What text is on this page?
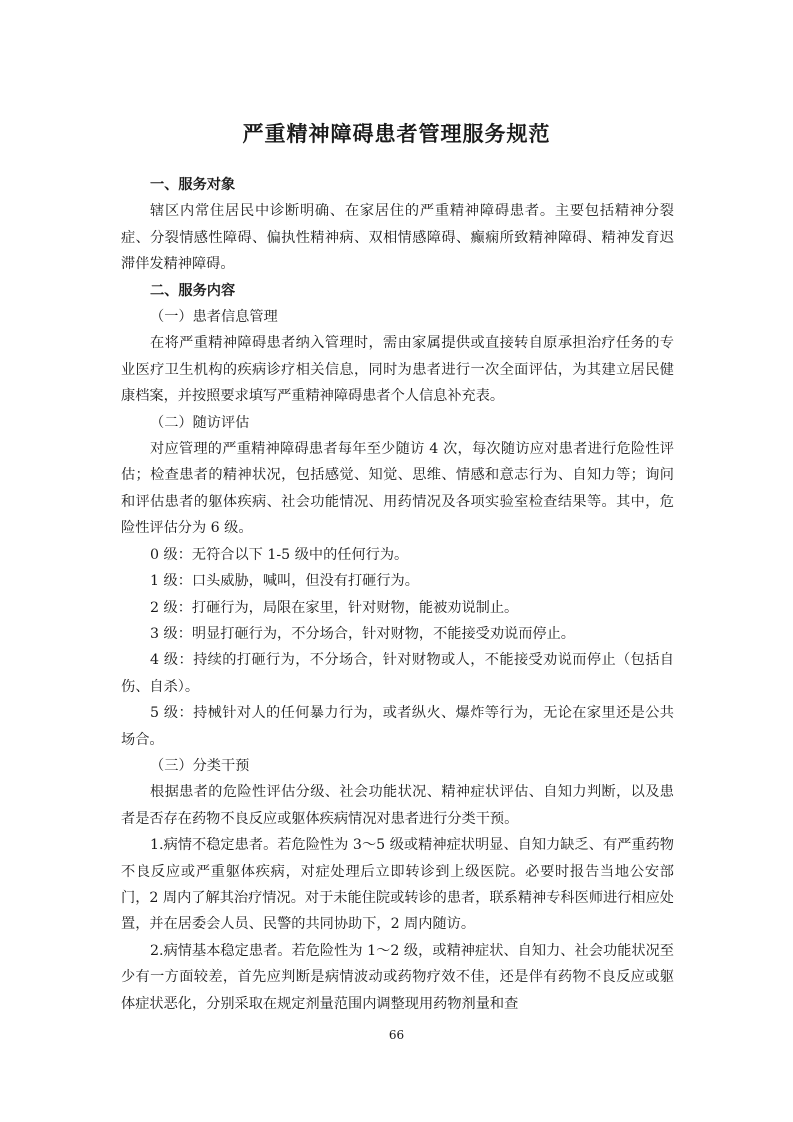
严重精神障碍患者管理服务规范

一、服务对象

辖区内常住居民中诊断明确、在家居住的严重精神障碍患者。主要包括精神分裂症、分裂情感性障碍、偏执性精神病、双相情感障碍、癫痫所致精神障碍、精神发育迟滞伴发精神障碍。

二、服务内容

（一）患者信息管理

在将严重精神障碍患者纳入管理时，需由家属提供或直接转自原承担治疗任务的专业医疗卫生机构的疾病诊疗相关信息，同时为患者进行一次全面评估，为其建立居民健康档案，并按照要求填写严重精神障碍患者个人信息补充表。

（二）随访评估

对应管理的严重精神障碍患者每年至少随访 4 次，每次随访应对患者进行危险性评估；检查患者的精神状况，包括感觉、知觉、思维、情感和意志行为、自知力等；询问和评估患者的躯体疾病、社会功能情况、用药情况及各项实验室检查结果等。其中，危险性评估分为 6 级。

0 级：无符合以下 1-5 级中的任何行为。

1 级：口头威胁，喊叫，但没有打砸行为。

2 级：打砸行为，局限在家里，针对财物，能被劝说制止。

3 级：明显打砸行为，不分场合，针对财物，不能接受劝说而停止。

4 级：持续的打砸行为，不分场合，针对财物或人，不能接受劝说而停止（包括自伤、自杀）。

5 级：持械针对人的任何暴力行为，或者纵火、爆炸等行为，无论在家里还是公共场合。

（三）分类干预

根据患者的危险性评估分级、社会功能状况、精神症状评估、自知力判断，以及患者是否存在药物不良反应或躯体疾病情况对患者进行分类干预。

1.病情不稳定患者。若危险性为 3～5 级或精神症状明显、自知力缺乏、有严重药物不良反应或严重躯体疾病，对症处理后立即转诊到上级医院。必要时报告当地公安部门，2 周内了解其治疗情况。对于未能住院或转诊的患者，联系精神专科医师进行相应处置，并在居委会人员、民警的共同协助下，2 周内随访。

2.病情基本稳定患者。若危险性为 1～2 级，或精神症状、自知力、社会功能状况至少有一方面较差，首先应判断是病情波动或药物疗效不佳，还是伴有药物不良反应或躯体症状恶化，分别采取在规定剂量范围内调整现用药物剂量和查

66
